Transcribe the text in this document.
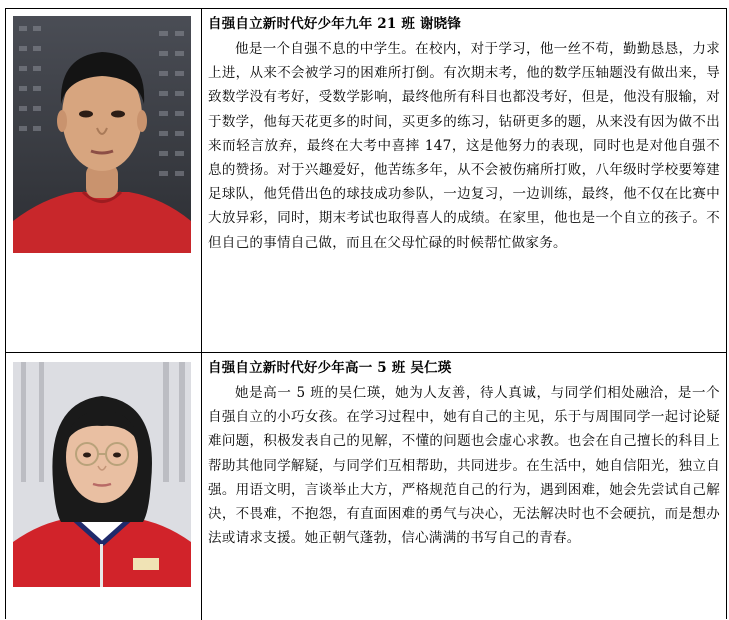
自强自立新时代好少年九年 21 班 谢晓锋
他是一个自强不息的中学生。在校内，对于学习，他一丝不苟，勤勤恳恳，力求上进，从来不会被学习的困难所打倒。有次期末考，他的数学压轴题没有做出来，导致数学没有考好，受数学影响，最终他所有科目也都没考好，但是，他没有服输，对于数学，他每天花更多的时间，买更多的练习，钻研更多的题，从来没有因为做不出来而轻言放弃，最终在大考中喜摔 147，这是他努力的表现，同时也是对他自强不息的赞扬。对于兴趣爱好，他苦练多年，从不会被伤痛所打败，八年级时学校要筹建足球队，他凭借出色的球技成功参队，一边复习，一边训练，最终，他不仅在比赛中大放异彩，同时，期末考试也取得喜人的成绩。在家里，他也是一个自立的孩子。不但自己的事情自己做，而且在父母忙碌的时候帮忙做家务。
自强自立新时代好少年高一 5 班 吴仁瑛
她是高一 5 班的吴仁瑛，她为人友善，待人真诚，与同学们相处融洽，是一个自强自立的小巧女孩。在学习过程中，她有自己的主见，乐于与周围同学一起讨论疑难问题，积极发表自己的见解，不懂的问题也会虚心求教。也会在自己擅长的科目上帮助其他同学解疑，与同学们互相帮助，共同进步。在生活中，她自信阳光，独立自强。用语文明，言谈举止大方，严格规范自己的行为，遇到困难，她会先尝试自己解决，不畏难，不抱怨，有直面困难的勇气与决心，无法解决时也不会硬抗，而是想办法或请求支援。她正朝气蓬勃，信心满满的书写自己的青春。
